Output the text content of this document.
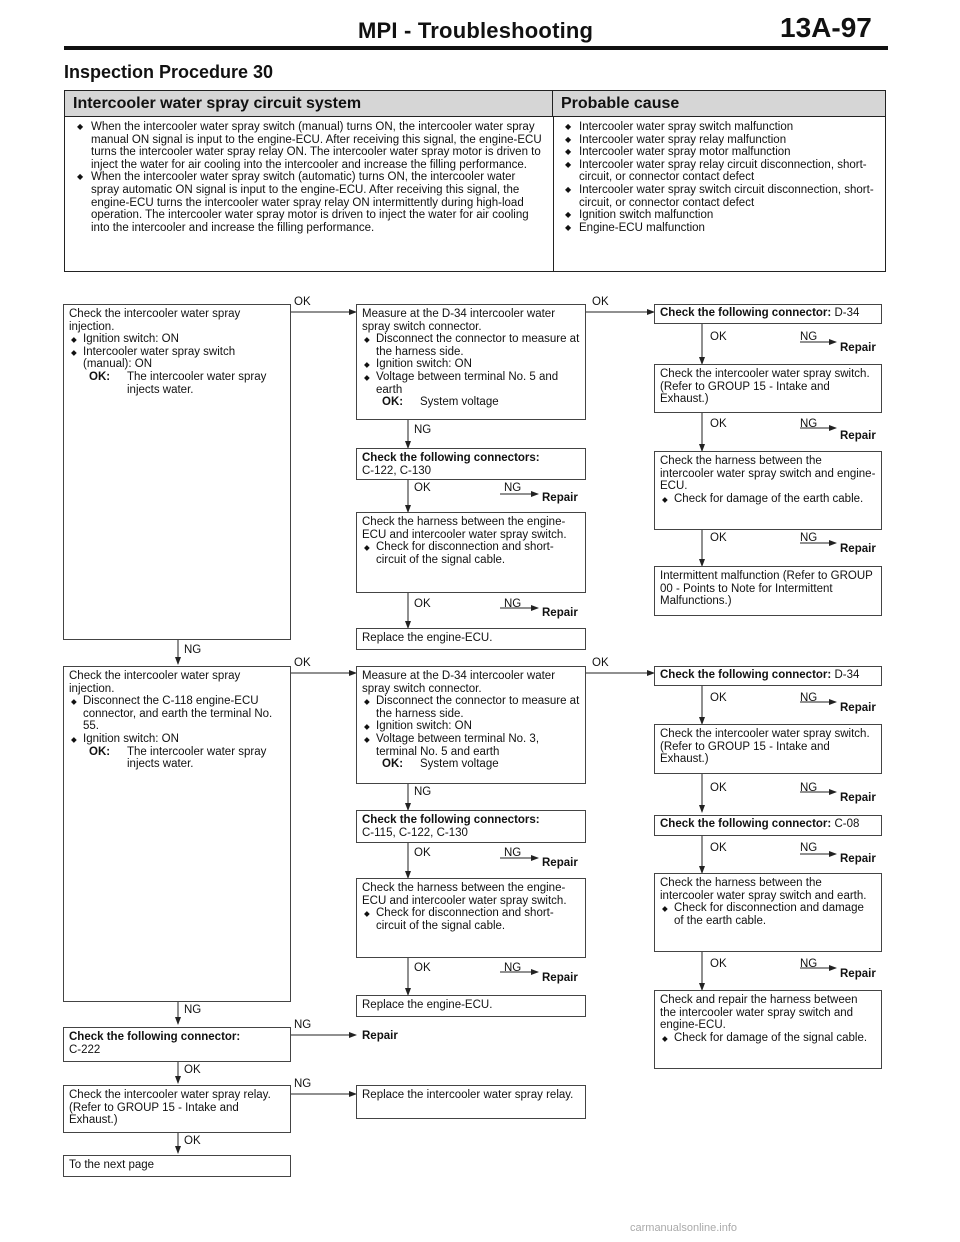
MPI - Troubleshooting	13A-97
Inspection Procedure 30
Intercooler water spray circuit system	Probable cause
◆ When the intercooler water spray switch (manual) turns ON, the intercooler water spray manual ON signal is input to the engine-ECU. After receiving this signal, the engine-ECU turns the intercooler water spray relay ON. The intercooler water spray motor is driven to inject the water for air cooling into the intercooler and increase the filling performance.
◆ When the intercooler water spray switch (automatic) turns ON, the intercooler water spray automatic ON signal is input to the engine-ECU. After receiving this signal, the engine-ECU turns the intercooler water spray relay ON intermittently during high-load operation. The intercooler water spray motor is driven to inject the water for air cooling into the intercooler and increase the filling performance.
◆ Intercooler water spray switch malfunction
◆ Intercooler water spray relay malfunction
◆ Intercooler water spray motor malfunction
◆ Intercooler water spray relay circuit disconnection, short-circuit, or connector contact defect
◆ Intercooler water spray switch circuit disconnection, short-circuit, or connector contact defect
◆ Ignition switch malfunction
◆ Engine-ECU malfunction
Check the intercooler water spray injection.
◆ Ignition switch: ON
◆ Intercooler water spray switch (manual): ON
OK: The intercooler water spray injects water.
Measure at the D-34 intercooler water spray switch connector.
◆ Disconnect the connector to measure at the harness side.
◆ Ignition switch: ON
◆ Voltage between terminal No. 5 and earth
OK: System voltage
Check the following connector: D-34
Check the intercooler water spray switch. (Refer to GROUP 15 - Intake and Exhaust.)
Check the harness between the intercooler water spray switch and engine-ECU.
◆ Check for damage of the earth cable.
Intermittent malfunction (Refer to GROUP 00 - Points to Note for Intermittent Malfunctions.)
Check the following connectors:
C-122, C-130
Check the harness between the engine-ECU and intercooler water spray switch.
◆ Check for disconnection and short-circuit of the signal cable.
Replace the engine-ECU.
OK	OK
OK	NG
Repair
OK	NG
Repair
OK	NG
Repair
NG
OK	NG
Repair
OK	NG
Repair
NG
Check the intercooler water spray injection.
◆ Disconnect the C-118 engine-ECU connector, and earth the terminal No. 55.
◆ Ignition switch: ON
OK: The intercooler water spray injects water.
Measure at the D-34 intercooler water spray switch connector.
◆ Disconnect the connector to measure at the harness side.
◆ Ignition switch: ON
◆ Voltage between terminal No. 3, terminal No. 5 and earth
OK: System voltage
Check the following connector: D-34
Check the intercooler water spray switch. (Refer to GROUP 15 - Intake and Exhaust.)
Check the following connector: C-08
Check the harness between the intercooler water spray switch and earth.
◆ Check for disconnection and damage of the earth cable.
Check and repair the harness between the intercooler water spray switch and engine-ECU.
◆ Check for damage of the signal cable.
Check the following connectors:
C-115, C-122, C-130
Check the harness between the engine-ECU and intercooler water spray switch.
◆ Check for disconnection and short-circuit of the signal cable.
Replace the engine-ECU.
OK	OK
OK	NG
Repair
OK	NG
Repair
OK	NG
Repair
OK	NG
Repair
NG
OK	NG
Repair
OK	NG
Repair
NG
Check the following connector:
C-222
NG
Repair
OK
Check the intercooler water spray relay. (Refer to GROUP 15 - Intake and Exhaust.)
NG
Replace the intercooler water spray relay.
OK
To the next page
carmanualsonline.info
